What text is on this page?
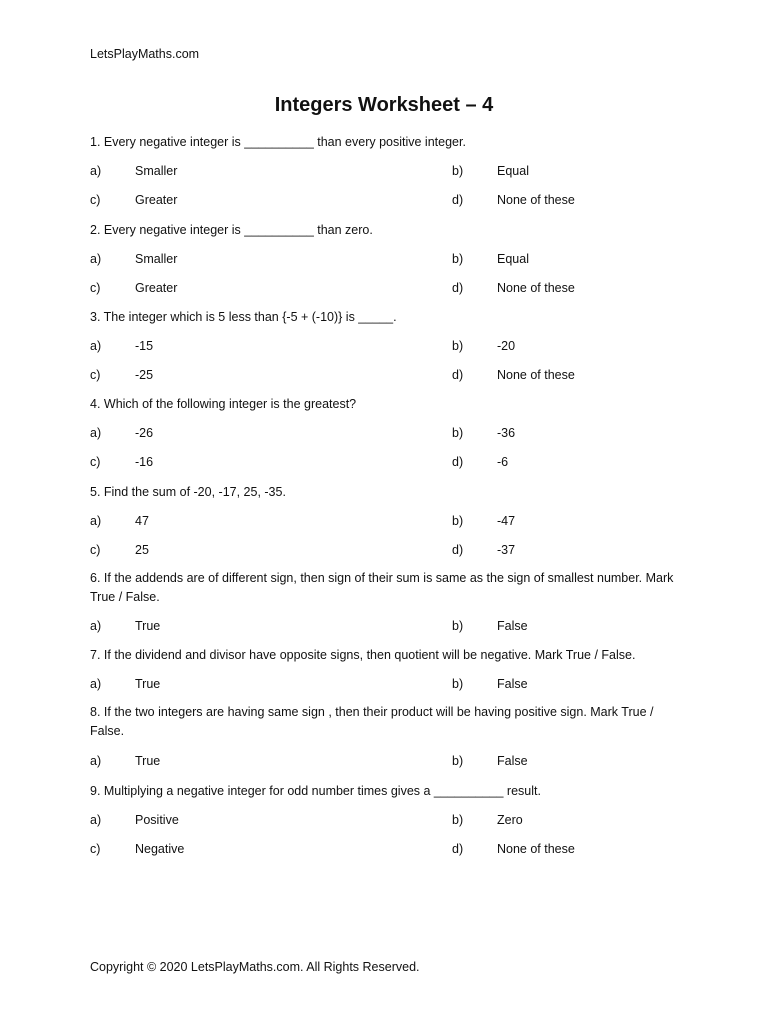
LetsPlayMaths.com
Integers Worksheet – 4
1. Every negative integer is __________ than every positive integer.
a)	Smaller	b)	Equal
c)	Greater	d)	None of these
2. Every negative integer is __________ than zero.
a)	Smaller	b)	Equal
c)	Greater	d)	None of these
3. The integer which is 5 less than {-5 + (-10)} is _____.
a)	-15	b)	-20
c)	-25	d)	None of these
4. Which of the following integer is the greatest?
a)	-26	b)	-36
c)	-16	d)	-6
5. Find the sum of -20, -17, 25, -35.
a)	47	b)	-47
c)	25	d)	-37
6. If the addends are of different sign, then sign of their sum is same as the sign of smallest number. Mark True / False.
a)	True	b)	False
7. If the dividend and divisor have opposite signs, then quotient will be negative. Mark True / False.
a)	True	b)	False
8. If the two integers are having same sign , then their product will be having positive sign. Mark True / False.
a)	True	b)	False
9. Multiplying a negative integer for odd number times gives a __________ result.
a)	Positive	b)	Zero
c)	Negative	d)	None of these
Copyright © 2020 LetsPlayMaths.com. All Rights Reserved.
